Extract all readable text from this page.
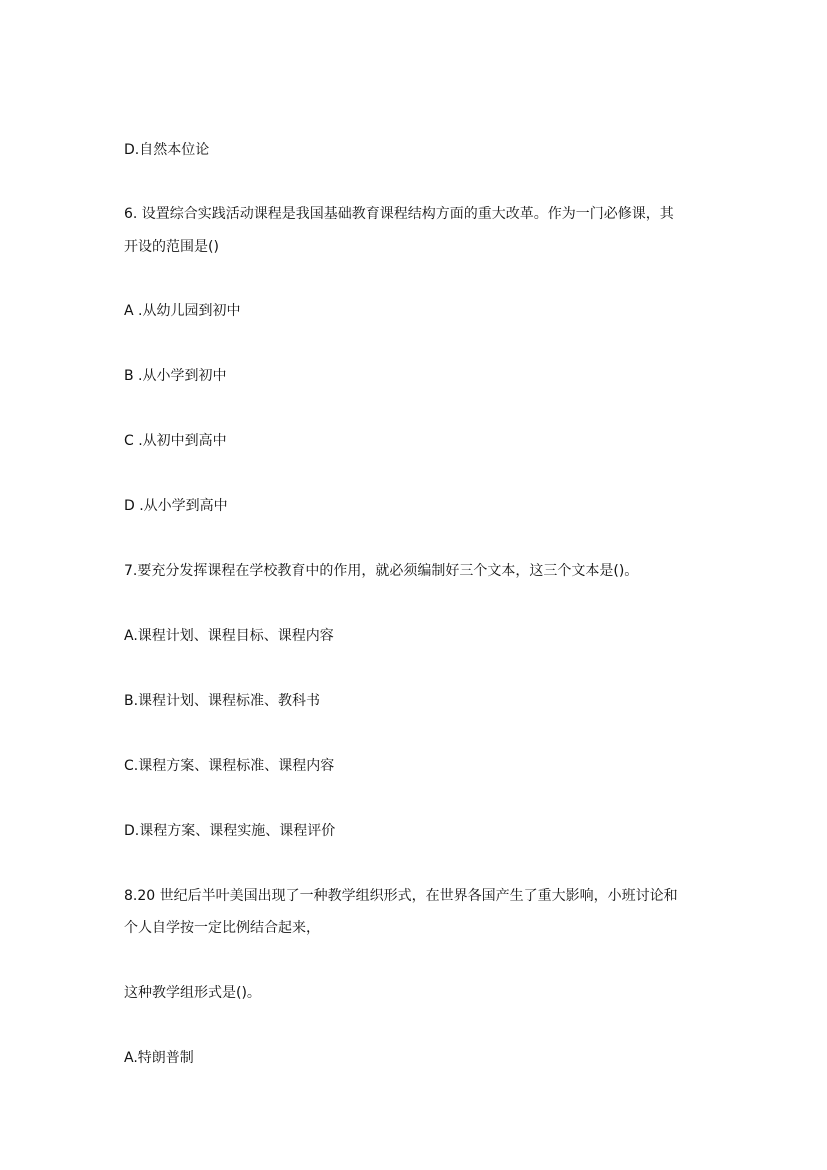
D.自然本位论
6. 设置综合实践活动课程是我国基础教育课程结构方面的重大改革。作为一门必修课，其
开设的范围是()
A .从幼儿园到初中
B .从小学到初中
C .从初中到高中
D .从小学到高中
7.要充分发挥课程在学校教育中的作用，就必须编制好三个文本，这三个文本是()。
A.课程计划、课程目标、课程内容
B.课程计划、课程标准、教科书
C.课程方案、课程标准、课程内容
D.课程方案、课程实施、课程评价
8.20 世纪后半叶美国出现了一种教学组织形式，在世界各国产生了重大影响，小班讨论和
个人自学按一定比例结合起来，
这种教学组形式是()。
A.特朗普制
